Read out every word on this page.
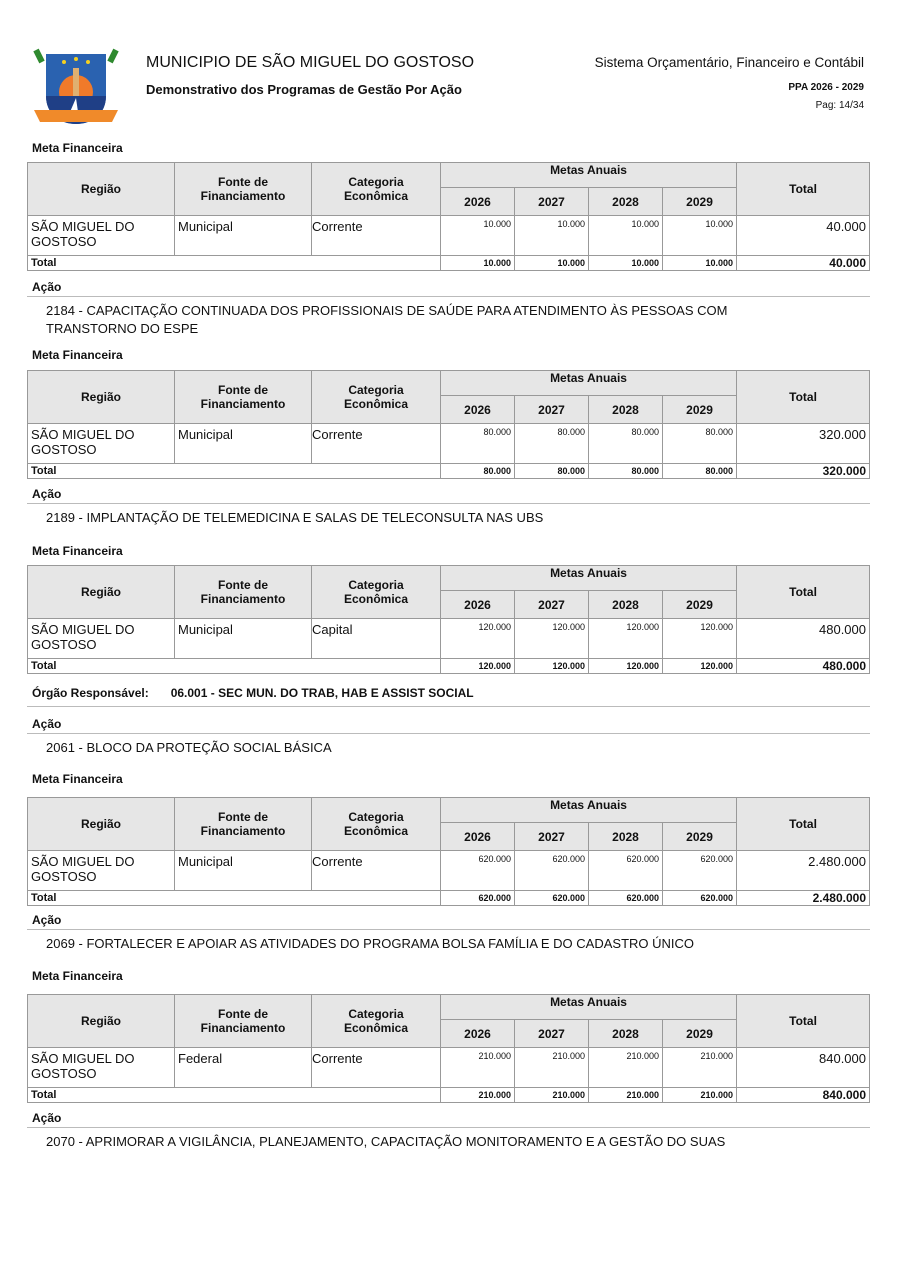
MUNICIPIO DE SÃO MIGUEL DO GOSTOSO
Demonstrativo dos Programas de Gestão Por Ação
Sistema Orçamentário, Financeiro e Contábil
PPA 2026 - 2029
Pag: 14/34
Meta Financeira
Região	Fonte de Financiamento	Categoria Econômica	Metas Anuais				Total
			2026	2027	2028	2029	
SÃO MIGUEL DO GOSTOSO	Municipal	Corrente	10.000	10.000	10.000	10.000	40.000
Total			10.000	10.000	10.000	10.000	40.000
Ação
2184 - CAPACITAÇÃO CONTINUADA DOS PROFISSIONAIS DE SAÚDE PARA ATENDIMENTO ÀS PESSOAS COM TRANSTORNO DO ESPE
Meta Financeira
Região	Fonte de Financiamento	Categoria Econômica	Metas Anuais				Total
			2026	2027	2028	2029	
SÃO MIGUEL DO GOSTOSO	Municipal	Corrente	80.000	80.000	80.000	80.000	320.000
Total			80.000	80.000	80.000	80.000	320.000
Ação
2189 - IMPLANTAÇÃO DE TELEMEDICINA E SALAS DE TELECONSULTA NAS UBS
Meta Financeira
Região	Fonte de Financiamento	Categoria Econômica	Metas Anuais				Total
			2026	2027	2028	2029	
SÃO MIGUEL DO GOSTOSO	Municipal	Capital	120.000	120.000	120.000	120.000	480.000
Total			120.000	120.000	120.000	120.000	480.000
Órgão Responsável: 06.001 - SEC MUN. DO TRAB, HAB E ASSIST SOCIAL
Ação
2061 - BLOCO DA PROTEÇÃO SOCIAL BÁSICA
Meta Financeira
Região	Fonte de Financiamento	Categoria Econômica	Metas Anuais				Total
			2026	2027	2028	2029	
SÃO MIGUEL DO GOSTOSO	Municipal	Corrente	620.000	620.000	620.000	620.000	2.480.000
Total			620.000	620.000	620.000	620.000	2.480.000
Ação
2069 - FORTALECER E APOIAR AS ATIVIDADES DO PROGRAMA BOLSA FAMÍLIA E DO CADASTRO ÚNICO
Meta Financeira
Região	Fonte de Financiamento	Categoria Econômica	Metas Anuais				Total
			2026	2027	2028	2029	
SÃO MIGUEL DO GOSTOSO	Federal	Corrente	210.000	210.000	210.000	210.000	840.000
Total			210.000	210.000	210.000	210.000	840.000
Ação
2070 - APRIMORAR A VIGILÂNCIA, PLANEJAMENTO, CAPACITAÇÃO MONITORAMENTO E A GESTÃO DO SUAS
